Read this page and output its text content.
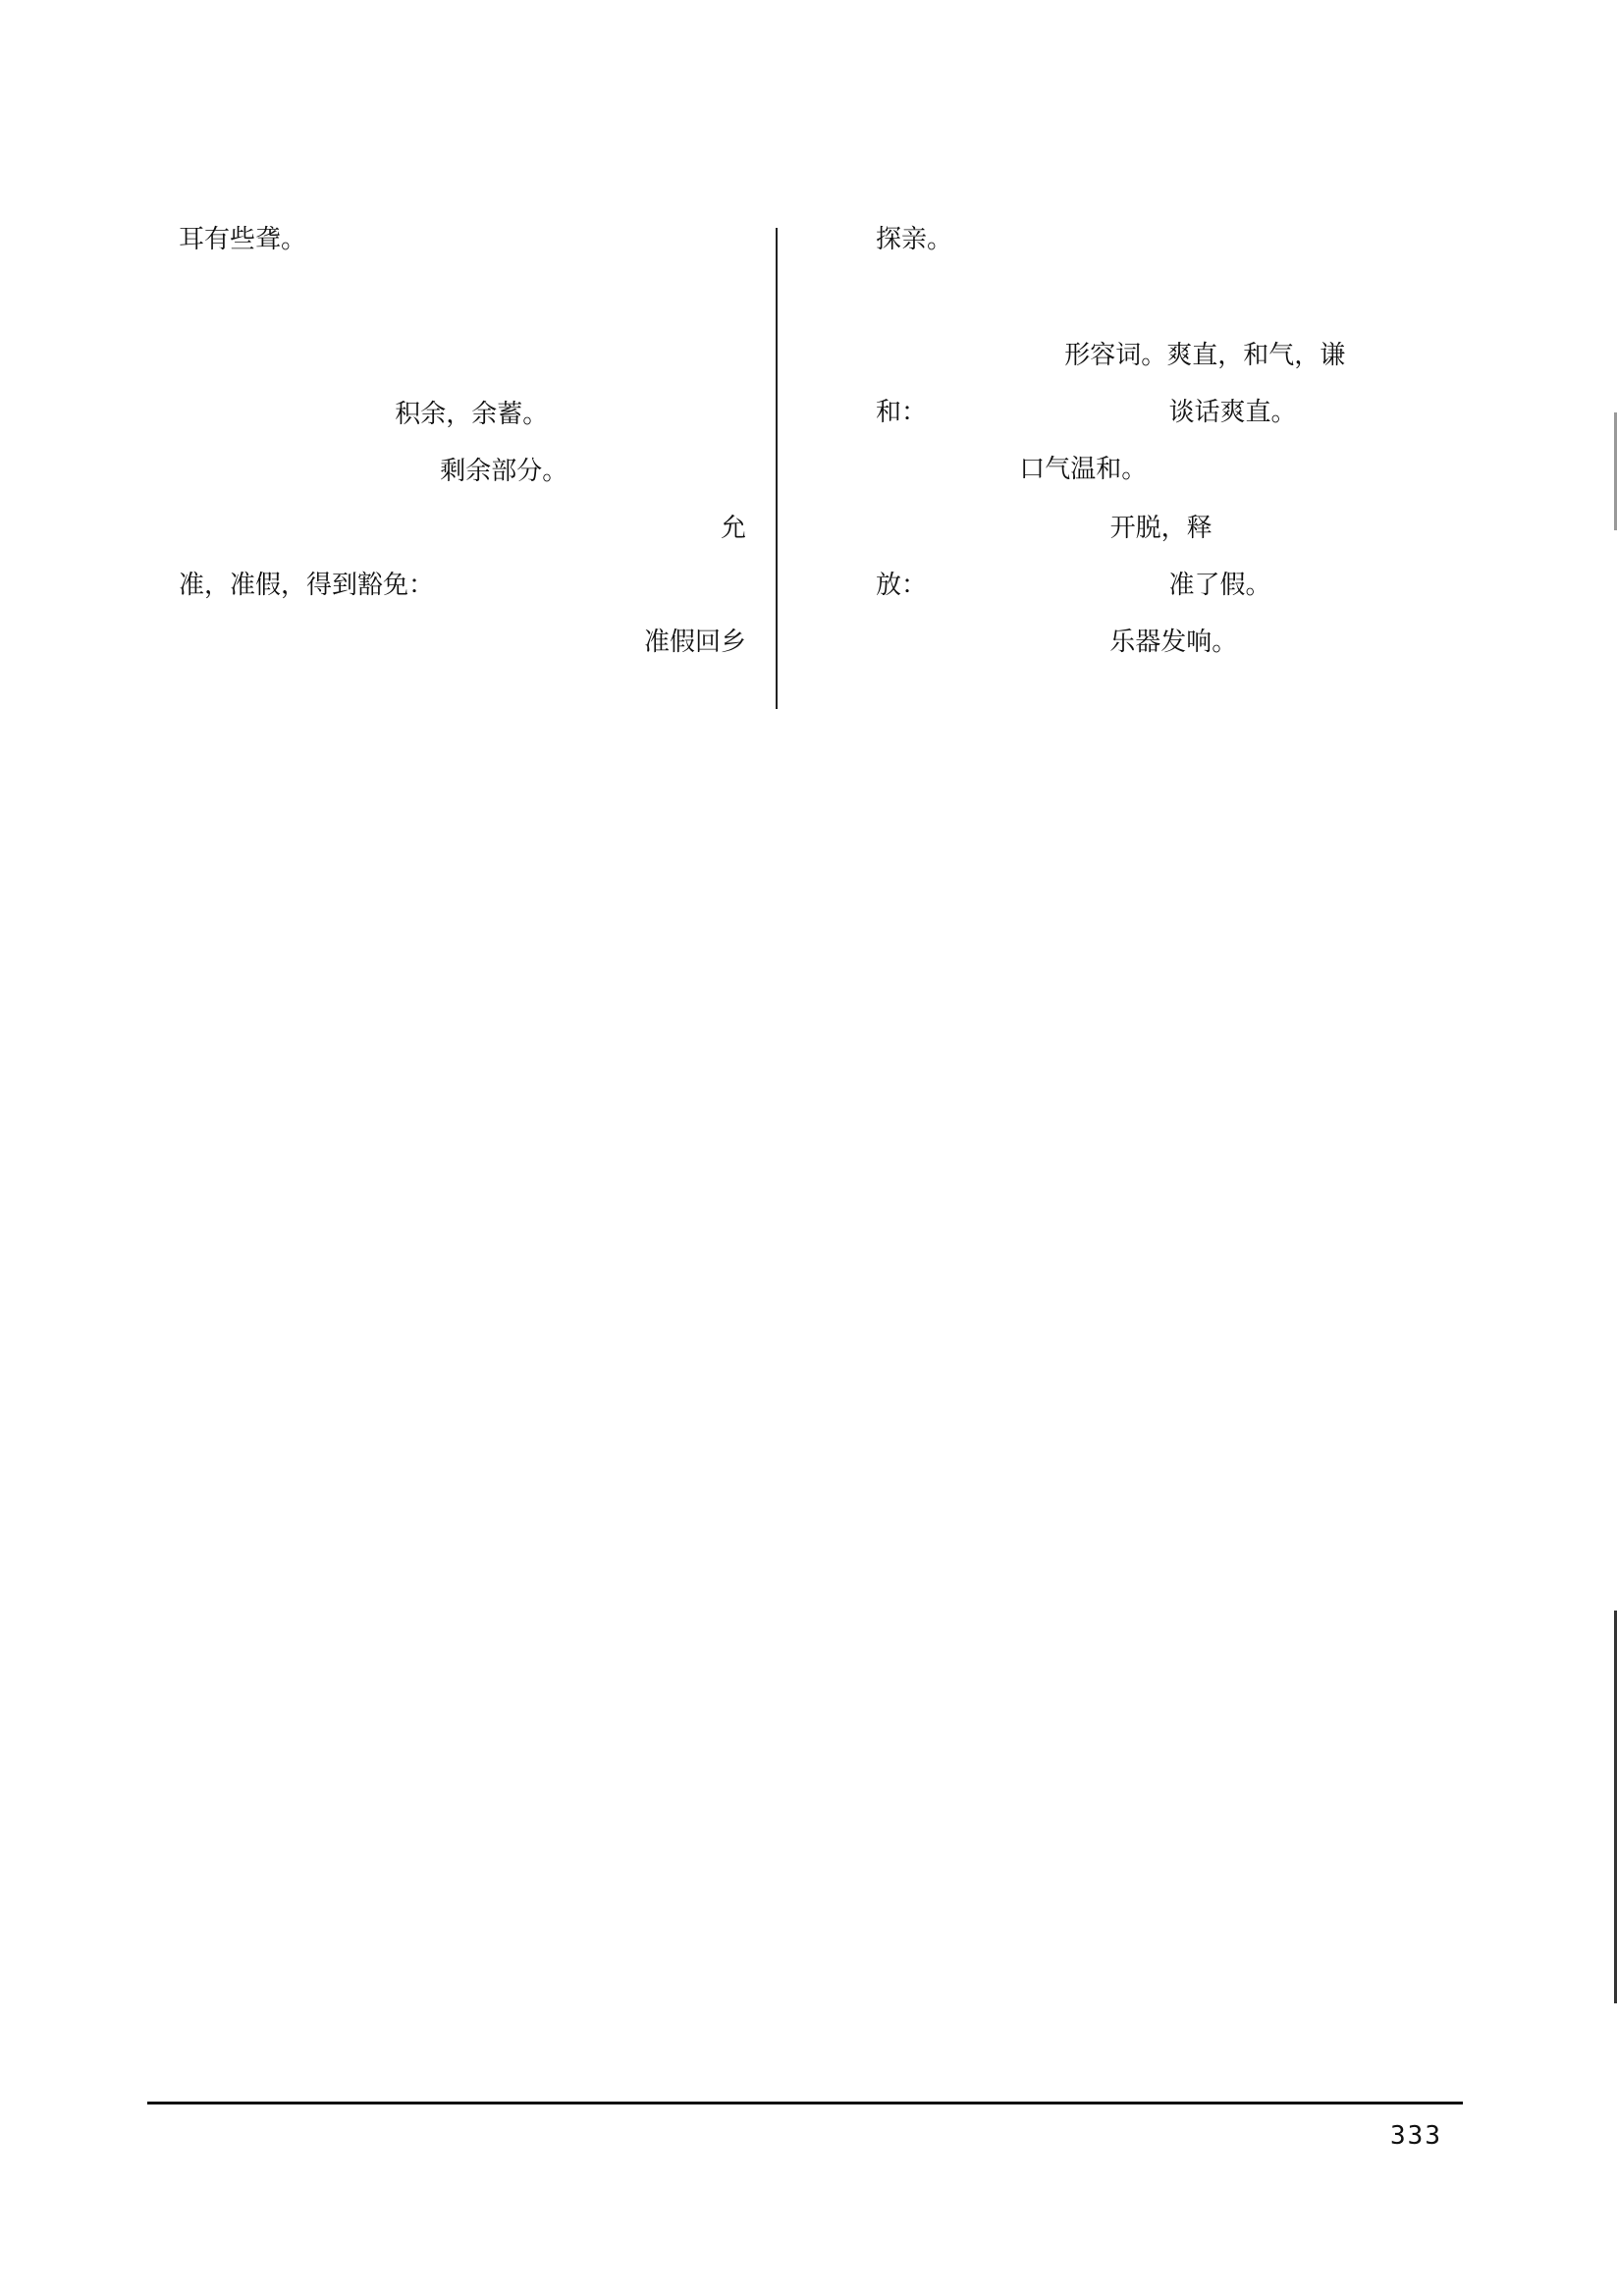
耳有些聋。

积余，余蓄。

剩余部分。

允

准，准假，得到豁免：

准假回乡

探亲。

形容词。爽直，和气，谦

和：	谈话爽直。

口气温和。

开脱，释

放：	准了假。

乐器发响。

333
